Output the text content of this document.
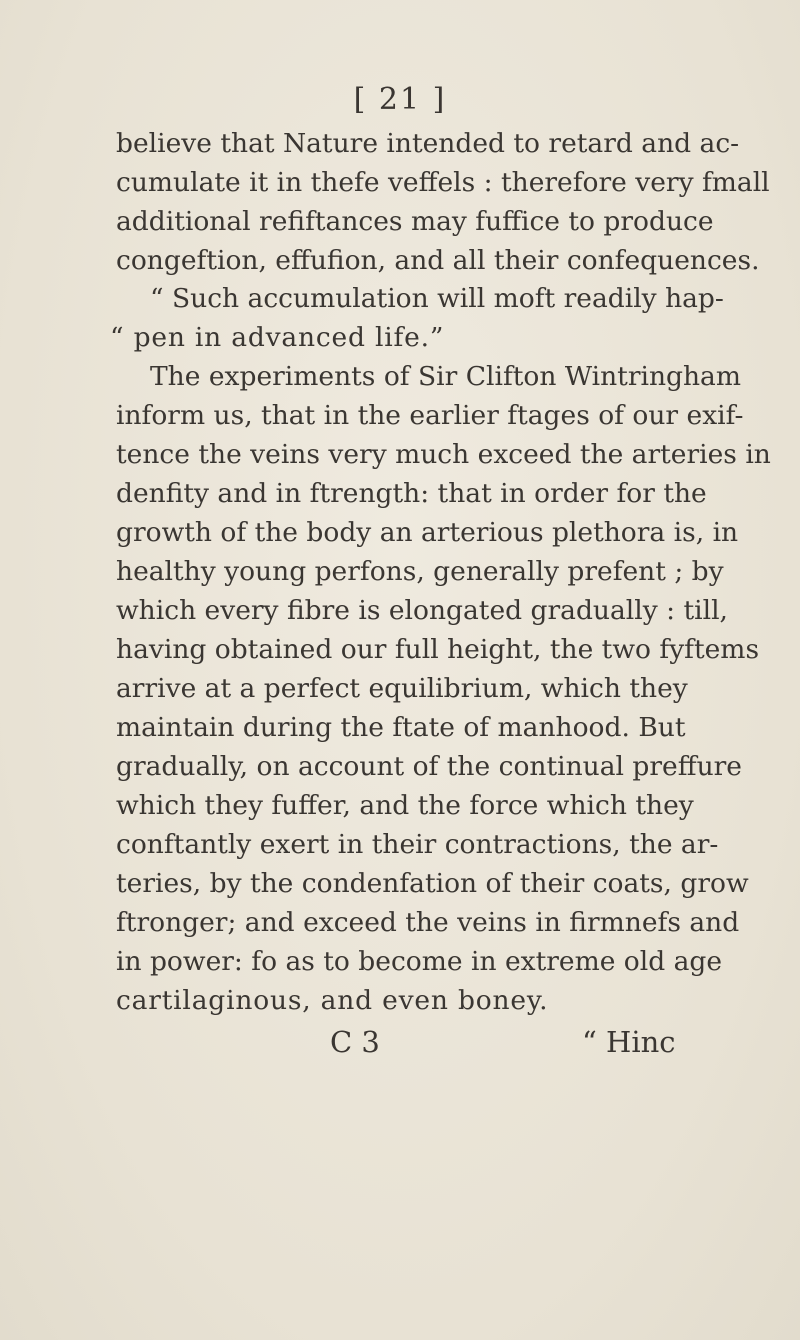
[ 21 ]
believe that Nature intended to retard and ac-
cumulate it in thefe veffels : therefore very fmall
additional refiftances may fuffice to produce
congeftion, effufion, and all their confequences.
“ Such accumulation will moft readily hap-
“ pen in advanced life.”
The experiments of Sir Clifton Wintringham
inform us, that in the earlier ftages of our exif-
tence the veins very much exceed the arteries in
denfity and in ftrength: that in order for the
growth of the body an arterious plethora is, in
healthy young perfons, generally prefent ; by
which every fibre is elongated gradually : till,
having obtained our full height, the two fyftems
arrive at a perfect equilibrium, which they
maintain during the ftate of manhood. But
gradually, on account of the continual preffure
which they fuffer, and the force which they
conftantly exert in their contractions, the ar-
teries, by the condenfation of their coats, grow
ftronger; and exceed the veins in firmnefs and
in power: fo as to become in extreme old age
cartilaginous, and even boney.
C 3	“ Hinc
